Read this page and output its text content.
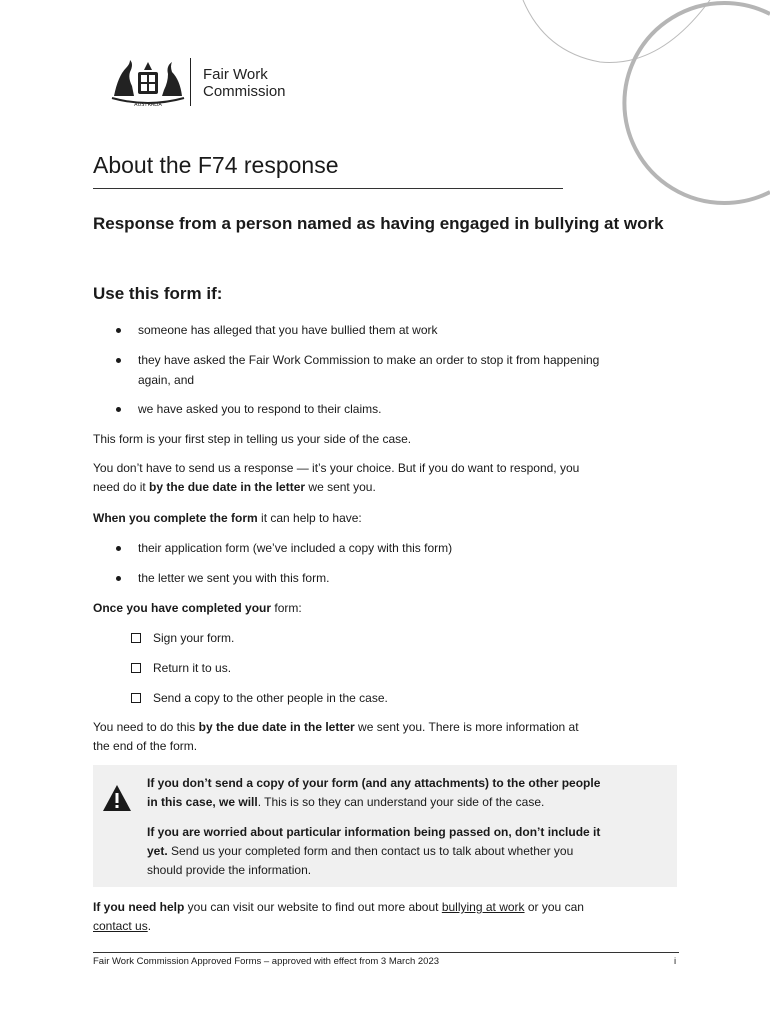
AUSTRALIA
Fair Work
Commission
About the F74 response
Response from a person named as having engaged in bullying at work
Use this form if:
someone has alleged that you have bullied them at work
they have asked the Fair Work Commission to make an order to stop it from happening
again, and
we have asked you to respond to their claims.
This form is your first step in telling us your side of the case.
You don’t have to send us a response — it’s your choice. But if you do want to respond, you
need do it by the due date in the letter we sent you.
When you complete the form it can help to have:
their application form (we’ve included a copy with this form)
the letter we sent you with this form.
Once you have completed your form:
Sign your form.
Return it to us.
Send a copy to the other people in the case.
You need to do this by the due date in the letter we sent you. There is more information at
the end of the form.
If you don’t send a copy of your form (and any attachments) to the other people
in this case, we will. This is so they can understand your side of the case.
If you are worried about particular information being passed on, don’t include it
yet. Send us your completed form and then contact us to talk about whether you
should provide the information.
If you need help you can visit our website to find out more about bullying at work or you can
contact us.
Fair Work Commission Approved Forms – approved with effect from 3 March 2023	i
